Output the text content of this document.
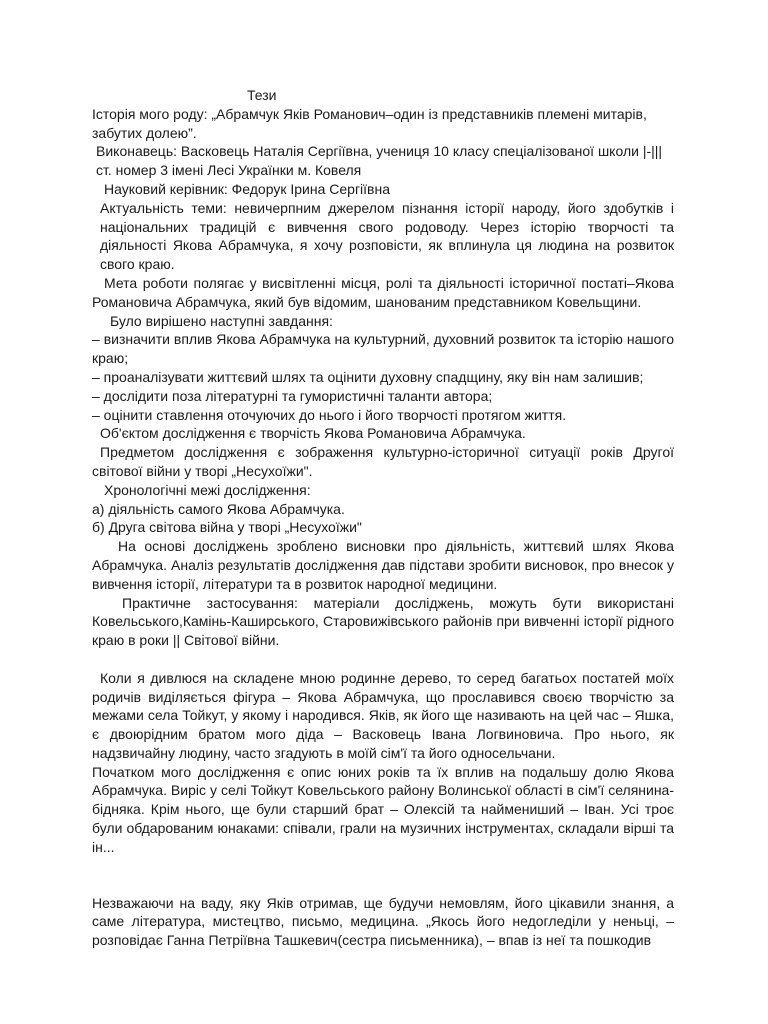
Тези

Історія мого роду: „Абрамчук Яків Романович–один із представників племені митарів, забутих долею”.

Виконавець: Васковець Наталія Сергіївна, учениця 10 класу спеціалізованої школи |-||| ст. номер 3 імені Лесі Українки м. Ковеля

Науковий керівник: Федорук Ірина Сергіївна

Актуальність теми: невичерпним джерелом пізнання історії народу, його здобутків і національних традицій є вивчення свого родоводу. Через історію творчості та діяльності Якова Абрамчука, я хочу розповісти, як вплинула ця людина на розвиток свого краю.

Мета роботи полягає у висвітленні місця, ролі та діяльності історичної постаті–Якова Романовича Абрамчука, який був відомим, шанованим представником Ковельщини.

Було вирішено наступні завдання:

– визначити вплив Якова Абрамчука на культурний, духовний розвиток та історію нашого краю;

– проаналізувати життєвий шлях та оцінити духовну спадщину, яку він нам залишив;

– дослідити поза літературні та гумористичні таланти автора;

– оцінити ставлення оточуючих до нього і його творчості протягом життя.

Об'єктом дослідження є творчість Якова Романовича Абрамчука.

Предметом дослідження є зображення культурно-історичної ситуації років Другої світової війни у творі „Несухоїжи".

Хронологічні межі дослідження:

а) діяльність самого Якова Абрамчука.

б) Друга світова війна у творі „Несухоїжи"

На основі досліджень зроблено висновки про діяльність, життєвий шлях Якова Абрамчука. Аналіз результатів дослідження дав підстави зробити висновок, про внесок у вивчення історії, літератури та в розвиток народної медицини.

Практичне застосування: матеріали досліджень, можуть бути використані Ковельського,Камінь-Каширського, Старовижівського районів при вивченні історії рідного краю в роки || Світової війни.

Коли я дивлюся на складене мною родинне дерево, то серед багатьох постатей моїх родичів виділяється фігура – Якова Абрамчука, що прославився своєю творчістю за межами села Тойкут, у якому і народився. Яків, як його ще називають на цей час – Яшка, є двоюрідним братом мого діда – Васковець Івана Логвиновича. Про нього, як надзвичайну людину, часто згадують в моїй сім'ї та його односельчани.

Початком мого дослідження є опис юних років та їх вплив на подальшу долю Якова Абрамчука. Виріс у селі Тойкут Ковельського району Волинської області в сім'ї селянина-бідняка. Крім нього, ще були старший брат – Олексій та наймениший – Іван. Усі троє були обдарованим юнаками: співали, грали на музичних інструментах, складали вірші та ін...

Незважаючи на ваду, яку Яків отримав, ще будучи немовлям, його цікавили знання, а саме література, мистецтво, письмо, медицина. „Якось його недогледіли у неньці, –розповідає Ганна Петріївна Ташкевич(сестра письменника), – впав із неї та пошкодив
